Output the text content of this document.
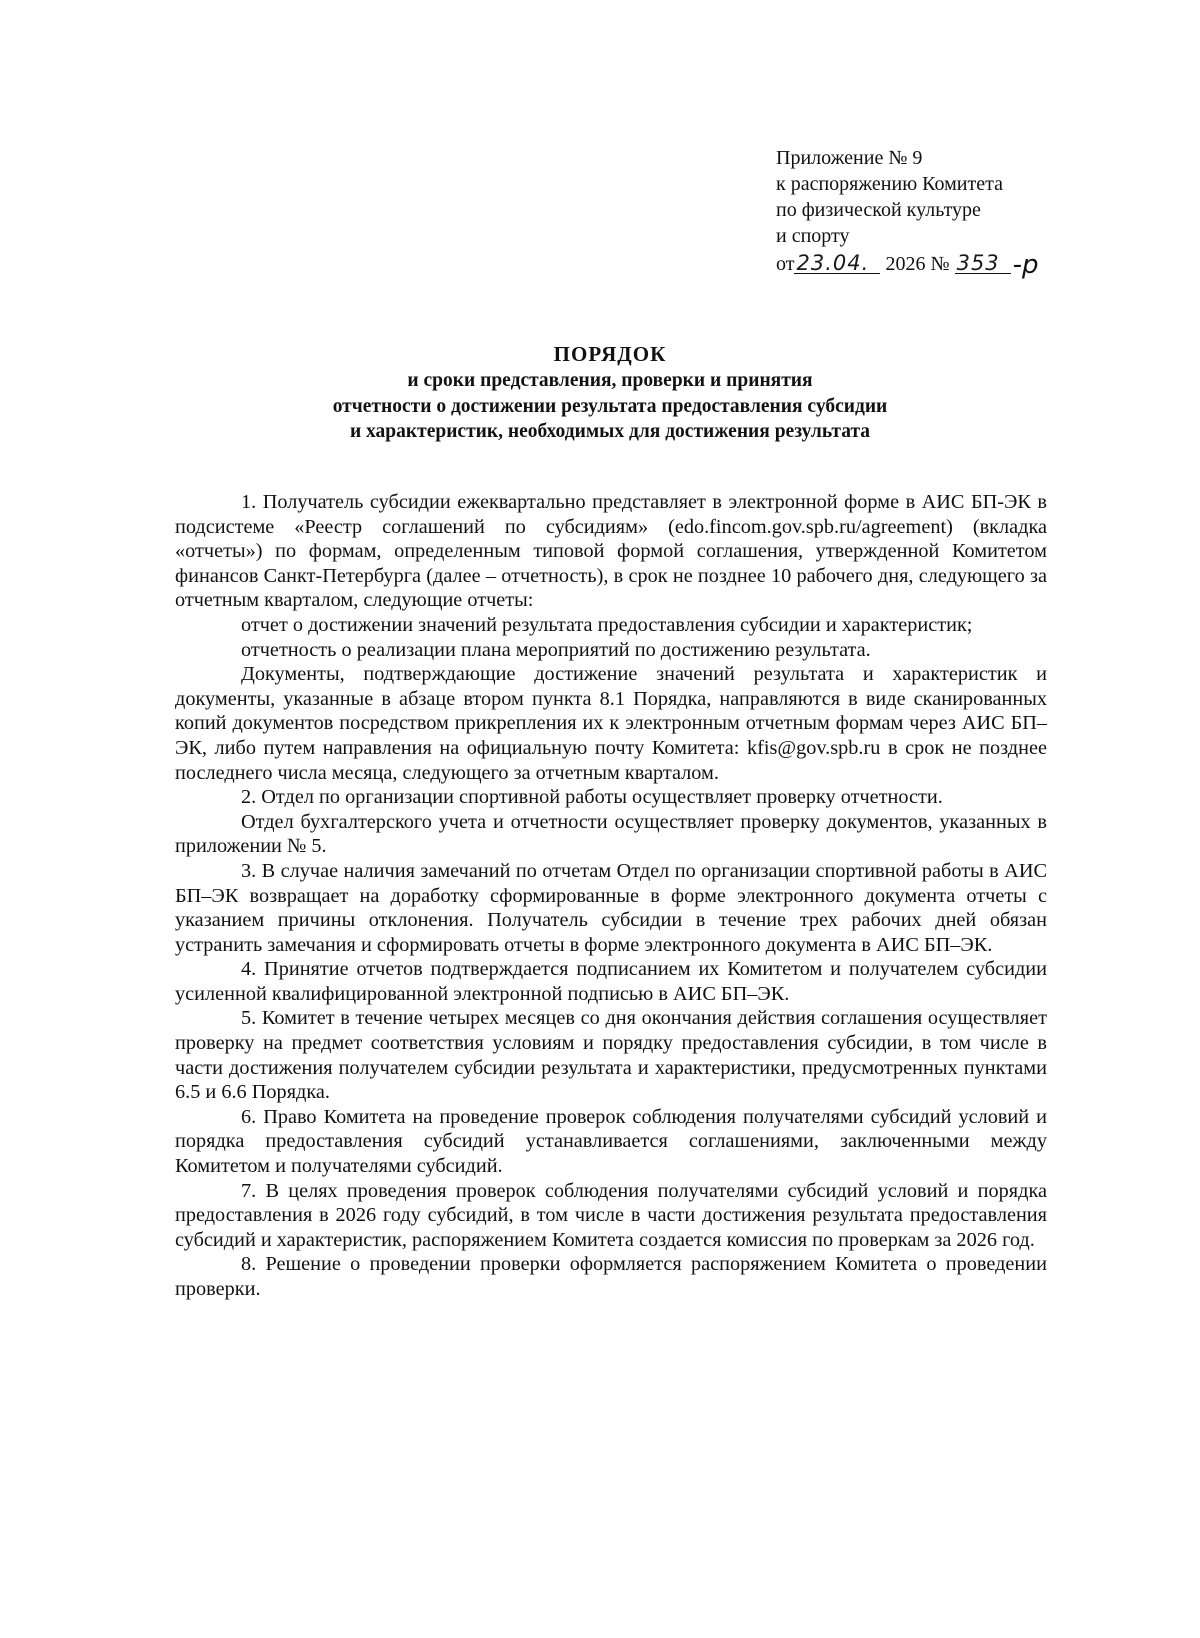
Приложение № 9
к распоряжению Комитета
по физической культуре
и спорту
от23.04. 2026 № 353 -р
ПОРЯДОК
и сроки представления, проверки и принятия
отчетности о достижении результата предоставления субсидии
и характеристик, необходимых для достижения результата

1. Получатель субсидии ежеквартально представляет в электронной форме в АИС БП-ЭК в подсистеме «Реестр соглашений по субсидиям» (edo.fincom.gov.spb.ru/agreement) (вкладка «отчеты») по формам, определенным типовой формой соглашения, утвержденной Комитетом финансов Санкт-Петербурга (далее – отчетность), в срок не позднее 10 рабочего дня, следующего за отчетным кварталом, следующие отчеты:

отчет о достижении значений результата предоставления субсидии и характеристик;

отчетность о реализации плана мероприятий по достижению результата.

Документы, подтверждающие достижение значений результата и характеристик и документы, указанные в абзаце втором пункта 8.1 Порядка, направляются в виде сканированных копий документов посредством прикрепления их к электронным отчетным формам через АИС БП–ЭК, либо путем направления на официальную почту Комитета: kfis@gov.spb.ru в срок не позднее последнего числа месяца, следующего за отчетным кварталом.

2. Отдел по организации спортивной работы осуществляет проверку отчетности.

Отдел бухгалтерского учета и отчетности осуществляет проверку документов, указанных в приложении № 5.

3. В случае наличия замечаний по отчетам Отдел по организации спортивной работы в АИС БП–ЭК возвращает на доработку сформированные в форме электронного документа отчеты с указанием причины отклонения. Получатель субсидии в течение трех рабочих дней обязан устранить замечания и сформировать отчеты в форме электронного документа в АИС БП–ЭК.

4. Принятие отчетов подтверждается подписанием их Комитетом и получателем субсидии усиленной квалифицированной электронной подписью в АИС БП–ЭК.

5. Комитет в течение четырех месяцев со дня окончания действия соглашения осуществляет проверку на предмет соответствия условиям и порядку предоставления субсидии, в том числе в части достижения получателем субсидии результата и характеристики, предусмотренных пунктами 6.5 и 6.6 Порядка.

6. Право Комитета на проведение проверок соблюдения получателями субсидий условий и порядка предоставления субсидий устанавливается соглашениями, заключенными между Комитетом и получателями субсидий.

7. В целях проведения проверок соблюдения получателями субсидий условий и порядка предоставления в 2026 году субсидий, в том числе в части достижения результата предоставления субсидий и характеристик, распоряжением Комитета создается комиссия по проверкам за 2026 год.

8. Решение о проведении проверки оформляется распоряжением Комитета о проведении проверки.
